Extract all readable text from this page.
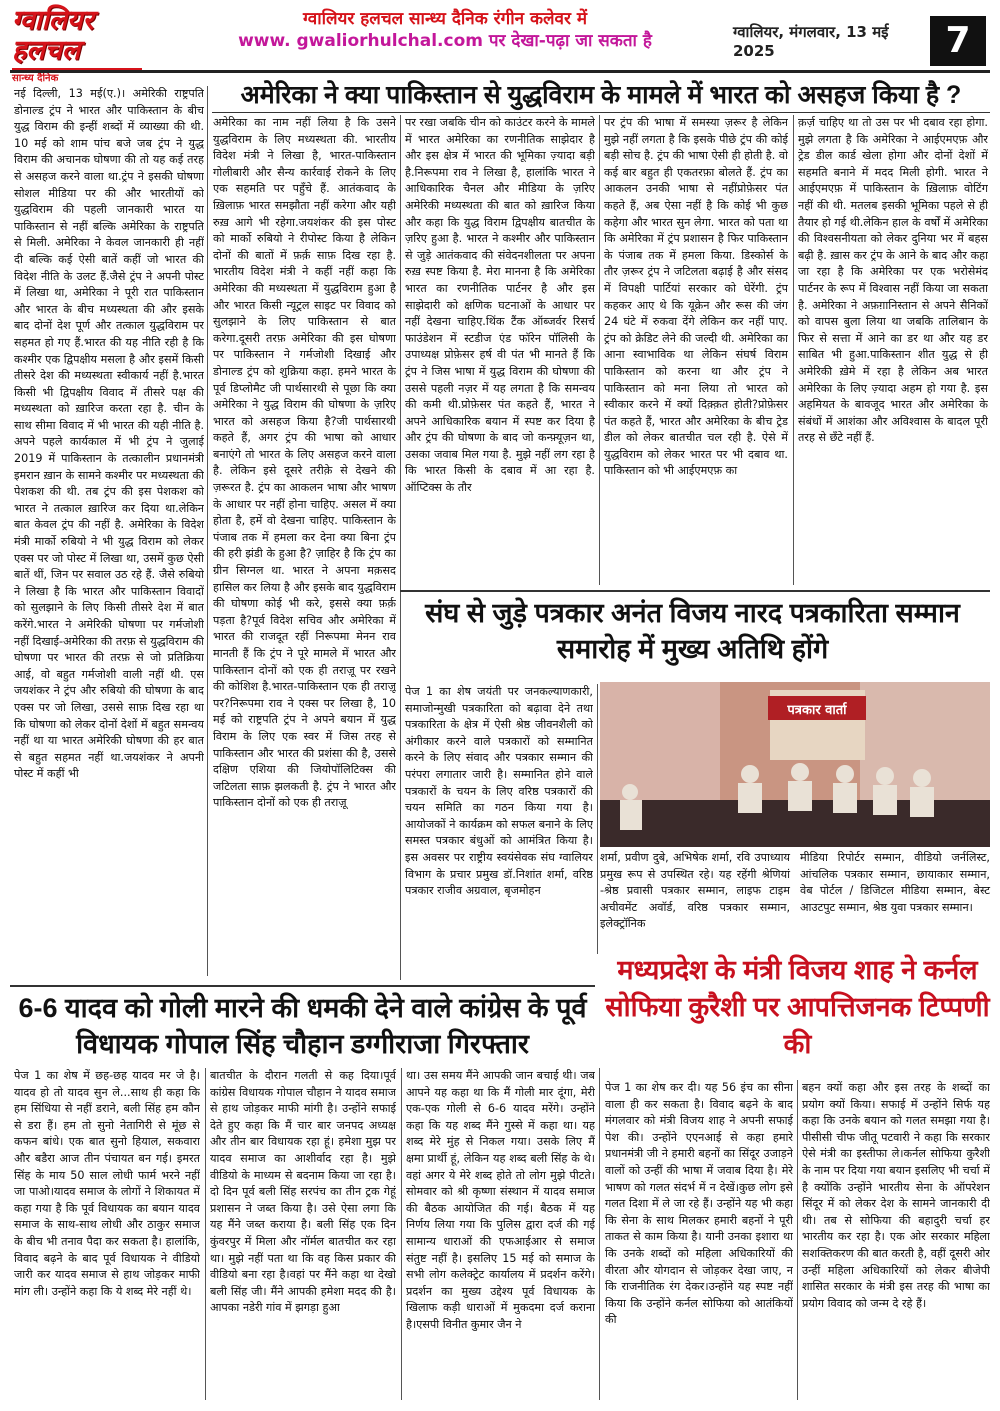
ग्वालियर
हलचल
सान्ध्य दैनिक
ग्वालियर हलचल सान्ध्य दैनिक रंगीन कलेवर में
www. gwaliorhulchal.com पर देखा-पढ़ा जा सकता है	ग्वालियर, मंगलवार, 13 मई 2025	7
अमेरिका ने क्या पाकिस्तान से युद्धविराम के मामले में भारत को असहज किया है ?
नई दिल्ली, 13 मई(ए.)। अमेरिकी राष्ट्रपति डोनाल्ड ट्रंप ने भारत और पाकिस्तान के बीच युद्ध विराम की इन्हीं शब्दों में व्याख्या की थी. 10 मई को शाम पांच बजे जब ट्रंप ने युद्ध विराम की अचानक घोषणा की तो यह कई तरह से असहज करने वाला था.ट्रंप ने इसकी घोषणा सोशल मीडिया पर की और भारतीयों को युद्धविराम की पहली जानकारी भारत या पाकिस्तान से नहीं बल्कि अमेरिका के राष्ट्रपति से मिली. अमेरिका ने केवल जानकारी ही नहीं दी बल्कि कई ऐसी बातें कहीं जो भारत की विदेश नीति के उलट हैं.जैसे ट्रंप ने अपनी पोस्ट में लिखा था, अमेरिका ने पूरी रात पाकिस्तान और भारत के बीच मध्यस्थता की और इसके बाद दोनों देश पूर्ण और तत्काल युद्धविराम पर सहमत हो गए हैं.भारत की यह नीति रही है कि कश्मीर एक द्विपक्षीय मसला है और इसमें किसी तीसरे देश की मध्यस्थता स्वीकार्य नहीं है.भारत किसी भी द्विपक्षीय विवाद में तीसरे पक्ष की मध्यस्थता को ख़ारिज करता रहा है. चीन के साथ सीमा विवाद में भी भारत की यही नीति है. अपने पहले कार्यकाल में भी ट्रंप ने जुलाई 2019 में पाकिस्तान के तत्कालीन प्रधानमंत्री इमरान ख़ान के सामने कश्मीर पर मध्यस्थता की पेशकश की थी. तब ट्रंप की इस पेशकश को भारत ने तत्काल ख़ारिज कर दिया था.लेकिन बात केवल ट्रंप की नहीं है. अमेरिका के विदेश मंत्री मार्को रुबियो ने भी युद्ध विराम को लेकर एक्स पर जो पोस्ट में लिखा था, उसमें कुछ ऐसी बातें थीं, जिन पर सवाल उठ रहे हैं. जैसे रुबियो ने लिखा है कि भारत और पाकिस्तान विवादों को सुलझाने के लिए किसी तीसरे देश में बात करेंगे.भारत ने अमेरिकी घोषणा पर गर्मजोशी नहीं दिखाई-अमेरिका की तरफ़ से युद्धविराम की घोषणा पर भारत की तरफ़ से जो प्रतिक्रिया आई, वो बहुत गर्मजोशी वाली नहीं थी. एस जयशंकर ने ट्रंप और रुबियो की घोषणा के बाद एक्स पर जो लिखा, उससे साफ़ दिख रहा था कि घोषणा को लेकर दोनों देशों में बहुत समन्वय नहीं था या भारत अमेरिकी घोषणा की हर बात से बहुत सहमत नहीं था.जयशंकर ने अपनी पोस्ट में कहीं भी
अमेरिका का नाम नहीं लिया है कि उसने युद्धविराम के लिए मध्यस्थता की. भारतीय विदेश मंत्री ने लिखा है, भारत-पाकिस्तान गोलीबारी और सैन्य कार्रवाई रोकने के लिए एक सहमति पर पहुँचे हैं. आतंकवाद के ख़िलाफ़ भारत समझौता नहीं करेगा और यही रुख़ आगे भी रहेगा.जयशंकर की इस पोस्ट को मार्को रुबियो ने रीपोस्ट किया है लेकिन दोनों की बातों में फ़र्क़ साफ़ दिख रहा है. भारतीय विदेश मंत्री ने कहीं नहीं कहा कि अमेरिका की मध्यस्थता में युद्धविराम हुआ है और भारत किसी न्यूट्रल साइट पर विवाद को सुलझाने के लिए पाकिस्तान से बात करेगा.दूसरी तरफ़ अमेरिका की इस घोषणा पर पाकिस्तान ने गर्मजोशी दिखाई और डोनाल्ड ट्रंप को शुक्रिया कहा. हमने भारत के पूर्व डिप्लोमैट जी पार्थसारथी से पूछा कि क्या अमेरिका ने युद्ध विराम की घोषणा के ज़रिए भारत को असहज किया है?जी पार्थसारथी कहते हैं, अगर ट्रंप की भाषा को आधार बनाएंगे तो भारत के लिए असहज करने वाला है. लेकिन इसे दूसरे तरीक़े से देखने की ज़रूरत है. ट्रंप का आकलन भाषा और भाषण के आधार पर नहीं होना चाहिए. असल में क्या होता है, हमें वो देखना चाहिए. पाकिस्तान के पंजाब तक में हमला कर देना क्या बिना ट्रंप की हरी झंडी के हुआ है? ज़ाहिर है कि ट्रंप का ग्रीन सिग्नल था. भारत ने अपना मक़सद हासिल कर लिया है और इसके बाद युद्धविराम की घोषणा कोई भी करे, इससे क्या फ़र्क़ पड़ता है?पूर्व विदेश सचिव और अमेरिका में भारत की राजदूत रहीं निरूपमा मेनन राव मानती हैं कि ट्रंप ने पूरे मामले में भारत और पाकिस्तान दोनों को एक ही तराज़ू पर रखने की कोशिश है.भारत-पाकिस्तान एक ही तराज़ू पर?निरूपमा राव ने एक्स पर लिखा है, 10 मई को राष्ट्रपति ट्रंप ने अपने बयान में युद्ध विराम के लिए एक स्वर में जिस तरह से पाकिस्तान और भारत की प्रशंसा की है, उससे दक्षिण एशिया की जियोपॉलिटिक्स की जटिलता साफ़ झलकती है. ट्रंप ने भारत और पाकिस्तान दोनों को एक ही तराज़ू
पर रखा जबकि चीन को काउंटर करने के मामले में भारत अमेरिका का रणनीतिक साझेदार है और इस क्षेत्र में भारत की भूमिका ज़्यादा बड़ी है.निरूपमा राव ने लिखा है, हालांकि भारत ने आधिकारिक चैनल और मीडिया के ज़रिए अमेरिकी मध्यस्थता की बात को ख़ारिज किया और कहा कि युद्ध विराम द्विपक्षीय बातचीत के ज़रिए हुआ है. भारत ने कश्मीर और पाकिस्तान से जुड़े आतंकवाद की संवेदनशीलता पर अपना रुख़ स्पष्ट किया है. मेरा मानना है कि अमेरिका भारत का रणनीतिक पार्टनर है और इस साझेदारी को क्षणिक घटनाओं के आधार पर नहीं देखना चाहिए.थिंक टैंक ऑब्जर्वर रिसर्च फाउंडेशन में स्टडीज एंड फॉरेन पॉलिसी के उपाध्यक्ष प्रोफ़ेसर हर्ष वी पंत भी मानते हैं कि ट्रंप ने जिस भाषा में युद्ध विराम की घोषणा की उससे पहली नज़र में यह लगता है कि समन्वय की कमी थी.प्रोफ़ेसर पंत कहते हैं, भारत ने अपने आधिकारिक बयान में स्पष्ट कर दिया है और ट्रंप की घोषणा के बाद जो कन्फ़्यूज़न था, उसका जवाब मिल गया है. मुझे नहीं लग रहा है कि भारत किसी के दबाव में आ रहा है. ऑप्टिक्स के तौर
पर ट्रंप की भाषा में समस्या ज़रूर है लेकिन मुझे नहीं लगता है कि इसके पीछे ट्रंप की कोई बड़ी सोच है. ट्रंप की भाषा ऐसी ही होती है. वो कई बार बहुत ही एकतरफ़ा बोलते हैं. ट्रंप का आकलन उनकी भाषा से नहींप्रोफ़ेसर पंत कहते हैं, अब ऐसा नहीं है कि कोई भी कुछ कहेगा और भारत सुन लेगा. भारत को पता था कि अमेरिका में ट्रंप प्रशासन है फिर पाकिस्तान के पंजाब तक में हमला किया. डिस्कोर्स के तौर ज़रूर ट्रंप ने जटिलता बढ़ाई है और संसद में विपक्षी पार्टियां सरकार को घेरेंगी. ट्रंप कहकर आए थे कि यूक्रेन और रूस की जंग 24 घंटे में रुकवा देंगे लेकिन कर नहीं पाए. ट्रंप को क्रेडिट लेने की जल्दी थी. अमेरिका का आना स्वाभाविक था लेकिन संघर्ष विराम पाकिस्तान को करना था और ट्रंप ने पाकिस्तान को मना लिया तो भारत को स्वीकार करने में क्यों दिक़्क़त होती?प्रोफ़ेसर पंत कहते हैं, भारत और अमेरिका के बीच ट्रेड डील को लेकर बातचीत चल रही है. ऐसे में युद्धविराम को लेकर भारत पर भी दबाव था. पाकिस्तान को भी आईएमएफ़ का
क़र्ज़ चाहिए था तो उस पर भी दबाव रहा होगा. मुझे लगता है कि अमेरिका ने आईएमएफ़ और ट्रेड डील कार्ड खेला होगा और दोनों देशों में सहमति बनाने में मदद मिली होगी. भारत ने आईएमएफ़ में पाकिस्तान के ख़िलाफ़ वोटिंग नहीं की थी. मतलब इसकी भूमिका पहले से ही तैयार हो गई थी.लेकिन हाल के वर्षों में अमेरिका की विश्वसनीयता को लेकर दुनिया भर में बहस बढ़ी है. ख़ास कर ट्रंप के आने के बाद और कहा जा रहा है कि अमेरिका पर एक भरोसेमंद पार्टनर के रूप में विश्वास नहीं किया जा सकता है. अमेरिका ने अफ़ग़ानिस्तान से अपने सैनिकों को वापस बुला लिया था जबकि तालिबान के फिर से सत्ता में आने का डर था और यह डर साबित भी हुआ.पाकिस्तान शीत युद्ध से ही अमेरिकी ख़ेमे में रहा है लेकिन अब भारत अमेरिका के लिए ज़्यादा अहम हो गया है. इस अहमियत के बावजूद भारत और अमेरिका के संबंधों में आशंका और अविश्वास के बादल पूरी तरह से छँटे नहीं हैं.
संघ से जुड़े पत्रकार अनंत विजय नारद पत्रकारिता सम्मान समारोह में मुख्य अतिथि होंगे
पेज 1 का शेष जयंती पर जनकल्याणकारी, समाजोन्मुखी पत्रकारिता को बढ़ावा देने तथा पत्रकारिता के क्षेत्र में ऐसी श्रेष्ठ जीवनशैली को अंगीकार करने वाले पत्रकारों को सम्मानित करने के लिए संवाद और पत्रकार सम्मान की परंपरा लगातार जारी है। सम्मानित होने वाले पत्रकारों के चयन के लिए वरिष्ठ पत्रकारों की चयन समिति का गठन किया गया है। आयोजकों ने कार्यक्रम को सफल बनाने के लिए समस्त पत्रकार बंधुओं को आमंत्रित किया है। इस अवसर पर राष्ट्रीय स्वयंसेवक संघ ग्वालियर विभाग के प्रचार प्रमुख डॉ.निशांत शर्मा, वरिष्ठ पत्रकार राजीव अग्रवाल, बृजमोहन
पत्रकार वार्ता
शर्मा, प्रवीण दुबे, अभिषेक शर्मा, रवि उपाध्याय प्रमुख रूप से उपस्थित रहे। यह रहेंगी श्रेणियां -श्रेष्ठ प्रवासी पत्रकार सम्मान, लाइफ टाइम अचीवमेंट अवॉर्ड, वरिष्ठ पत्रकार सम्मान, इलेक्ट्रॉनिक
मीडिया रिपोर्टर सम्मान, वीडियो जर्नलिस्ट, आंचलिक पत्रकार सम्मान, छायाकार सम्मान, वेब पोर्टल / डिजिटल मीडिया सम्मान, बेस्ट आउटपुट सम्मान, श्रेष्ठ युवा पत्रकार सम्मान।
मध्यप्रदेश के मंत्री विजय शाह ने कर्नल सोफिया कुरैशी पर आपत्तिजनक टिप्पणी की
पेज 1 का शेष कर दी। यह 56 इंच का सीना वाला ही कर सकता है। विवाद बढ़ने के बाद मंगलवार को मंत्री विजय शाह ने अपनी सफाई पेश की। उन्होंने एएनआई से कहा हमारे प्रधानमंत्री जी ने हमारी बहनों का सिंदूर उजाड़ने वालों को उन्हीं की भाषा में जवाब दिया है। मेरे भाषण को गलत संदर्भ में न देखें।कुछ लोग इसे गलत दिशा में ले जा रहे हैं। उन्होंने यह भी कहा कि सेना के साथ मिलकर हमारी बहनों ने पूरी ताकत से काम किया है। यानी उनका इशारा था कि उनके शब्दों को महिला अधिकारियों की वीरता और योगदान से जोड़कर देखा जाए, न कि राजनीतिक रंग देकर।उन्होंने यह स्पष्ट नहीं किया कि उन्होंने कर्नल सोफिया को आतंकियों की
बहन क्यों कहा और इस तरह के शब्दों का प्रयोग क्यों किया। सफाई में उन्होंने सिर्फ यह कहा कि उनके बयान को गलत समझा गया है। पीसीसी चीफ जीतू पटवारी ने कहा कि सरकार ऐसे मंत्री का इस्तीफा ले।कर्नल सोफिया कुरैशी के नाम पर दिया गया बयान इसलिए भी चर्चा में है क्योंकि उन्होंने भारतीय सेना के ऑपरेशन सिंदूर में को लेकर देश के सामने जानकारी दी थी। तब से सोफिया की बहादुरी चर्चा हर भारतीय कर रहा है। एक ओर सरकार महिला सशक्तिकरण की बात करती है, वहीं दूसरी ओर उन्हीं महिला अधिकारियों को लेकर बीजेपी शासित सरकार के मंत्री इस तरह की भाषा का प्रयोग विवाद को जन्म दे रहे हैं।
6-6 यादव को गोली मारने की धमकी देने वाले कांग्रेस के पूर्व विधायक गोपाल सिंह चौहान डग्गीराजा गिरफ्तार
पेज 1 का शेष में छह-छह यादव मर जे है। यादव हो तो यादव सुन ले...साथ ही कहा कि हम सिंधिया से नहीं डराने, बली सिंह हम कौन से डरा हैं। हम तो सुनो नेतागिरी से मूंछ से कफन बांधे। एक बात सुनो हियाल, सकवारा और बडैरा आज तीन पंचायत बन गई। इमरत सिंह के माय 50 साल लोधी फार्म भरने नहीं जा पाओ।यादव समाज के लोगों ने शिकायत में कहा गया है कि पूर्व विधायक का बयान यादव समाज के साथ-साथ लोधी और ठाकुर समाज के बीच भी तनाव पैदा कर सकता है। हालांकि, विवाद बढ़ने के बाद पूर्व विधायक ने वीडियो जारी कर यादव समाज से हाथ जोड़कर माफी मांग ली। उन्होंने कहा कि ये शब्द मेरे नहीं थे।
बातचीत के दौरान गलती से कह दिया।पूर्व कांग्रेस विधायक गोपाल चौहान ने यादव समाज से हाथ जोड़कर माफी मांगी है। उन्होंने सफाई देते हुए कहा कि मैं चार बार जनपद अध्यक्ष और तीन बार विधायक रहा हूं। हमेशा मुझ पर यादव समाज का आशीर्वाद रहा है। मुझे वीडियो के माध्यम से बदनाम किया जा रहा है।दो दिन पूर्व बली सिंह सरपंच का तीन ट्रक गेहूं प्रशासन ने जब्त किया है। उसे ऐसा लगा कि यह मैंने जब्त कराया है। बली सिंह एक दिन कुंवरपुर में मिला और नॉर्मल बातचीत कर रहा था। मुझे नहीं पता था कि वह किस प्रकार की वीडियो बना रहा है।वहां पर मैंने कहा था देखो बली सिंह जी। मैंने आपकी हमेशा मदद की है। आपका नडेरी गांव में झगड़ा हुआ
था। उस समय मैंने आपकी जान बचाई थी। जब आपने यह कहा था कि मैं गोली मार दूंगा, मेरी एक-एक गोली से 6-6 यादव मरेंगे। उन्होंने कहा कि यह शब्द मैंने गुस्से में कहा था। यह शब्द मेरे मुंह से निकल गया। उसके लिए मैं क्षमा प्रार्थी हूं, लेकिन यह शब्द बली सिंह के थे। वहां अगर ये मेरे शब्द होते तो लोग मुझे पीटते। सोमवार को श्री कृष्णा संस्थान में यादव समाज की बैठक आयोजित की गई। बैठक में यह निर्णय लिया गया कि पुलिस द्वारा दर्ज की गई सामान्य धाराओं की एफआईआर से समाज संतुष्ट नहीं है। इसलिए 15 मई को समाज के सभी लोग कलेक्ट्रेट कार्यालय में प्रदर्शन करेंगे। प्रदर्शन का मुख्य उद्देश्य पूर्व विधायक के खिलाफ कड़ी धाराओं में मुकदमा दर्ज कराना है।एसपी विनीत कुमार जैन ने
